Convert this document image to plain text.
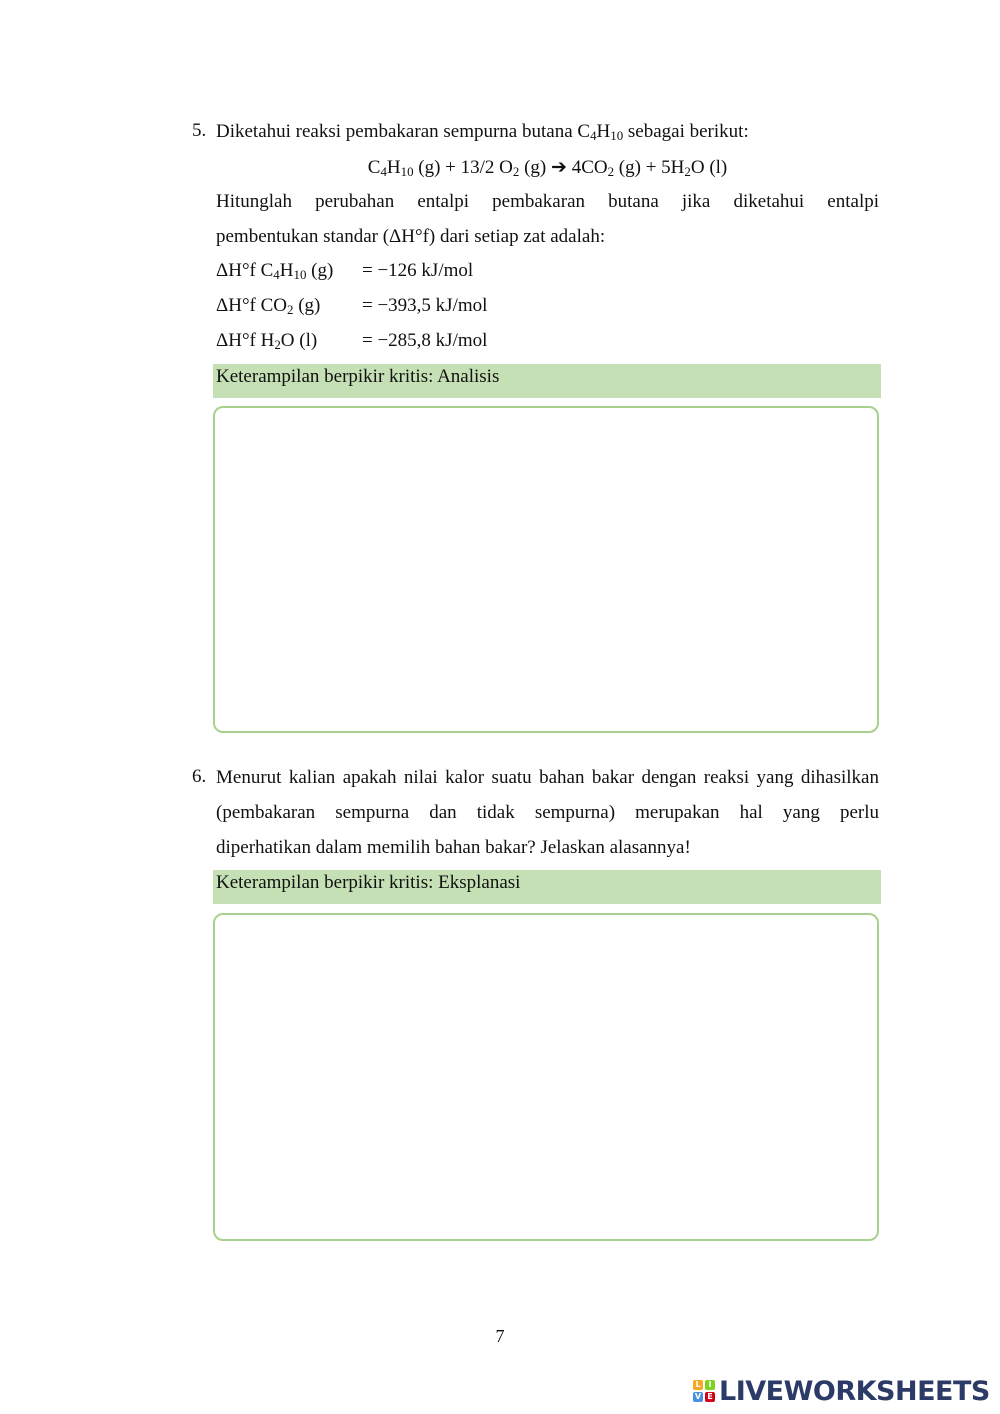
5. Diketahui reaksi pembakaran sempurna butana $C_4H_{10}$ sebagai berikut:
$C_4H_{10}$ (g) + 13/2 $O_2$ (g) ➔ $4CO_2$ $(g) + 5H_2O$ (l)
Hitunglah perubahan entalpi pembakaran butana jika diketahui entalpi
pembentukan standar (ΔH°f) dari setiap zat adalah:
ΔH°f $C_4H_{10}$ (g)	= −126 kJ/mol
ΔH°f $CO_2$ (g)	= −393,5 kJ/mol
ΔH°f $H_2O$ (l)	= −285,8 kJ/mol
Keterampilan berpikir kritis: Analisis
6. Menurut kalian apakah nilai kalor suatu bahan bakar dengan reaksi yang dihasilkan
(pembakaran sempurna dan tidak sempurna) merupakan hal yang perlu
diperhatikan dalam memilih bahan bakar? Jelaskan alasannya!
Keterampilan berpikir kritis: Eksplanasi
7
L I
V E LIVEWORKSHEETS
